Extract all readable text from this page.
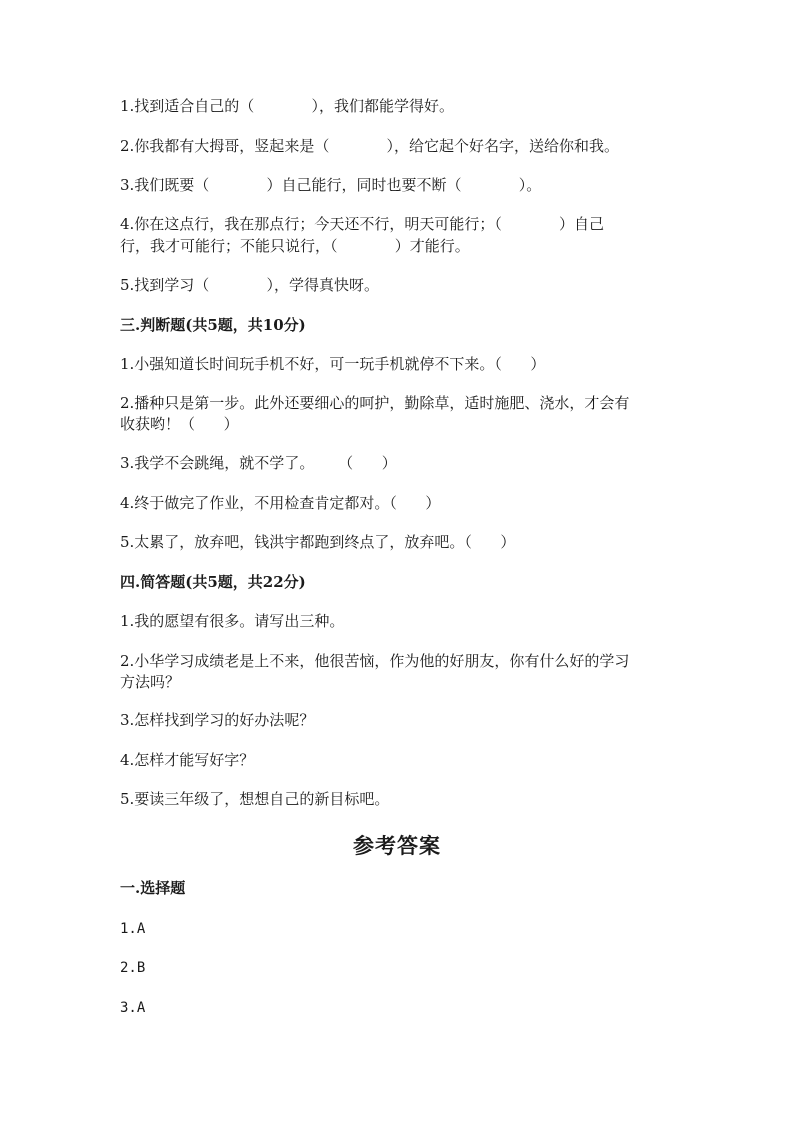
1.找到适合自己的（            ），我们都能学得好。
2.你我都有大拇哥，竖起来是（            ），给它起个好名字，送给你和我。
3.我们既要（            ）自己能行，同时也要不断（            ）。
4.你在这点行，我在那点行；今天还不行，明天可能行；（            ）自己
行，我才可能行；不能只说行，（            ）才能行。
5.找到学习（            ），学得真快呀。
三.判断题(共5题，共10分)
1.小强知道长时间玩手机不好，可一玩手机就停不下来。（      ）
2.播种只是第一步。此外还要细心的呵护，勤除草，适时施肥、浇水，才会有
收获哟！（      ）
3.我学不会跳绳，就不学了。     （      ）
4.终于做完了作业，不用检查肯定都对。（      ）
5.太累了，放弃吧，钱洪宇都跑到终点了，放弃吧。（      ）
四.简答题(共5题，共22分)
1.我的愿望有很多。请写出三种。
2.小华学习成绩老是上不来，他很苦恼，作为他的好朋友，你有什么好的学习
方法吗？
3.怎样找到学习的好办法呢？
4.怎样才能写好字？
5.要读三年级了，想想自己的新目标吧。
参考答案
一.选择题
1.A
2.B
3.A
